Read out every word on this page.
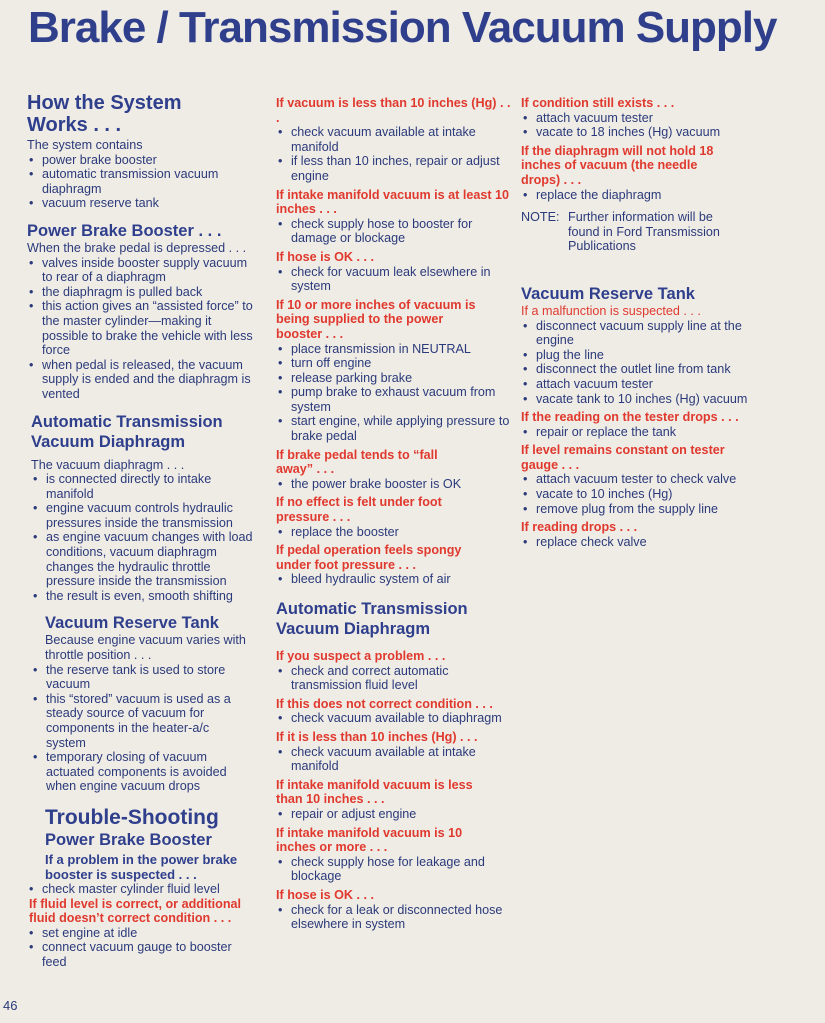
Brake / Transmission Vacuum Supply
How the System Works . . .
The system contains
• power brake booster
• automatic transmission vacuum diaphragm
• vacuum reserve tank
Power Brake Booster . . .
When the brake pedal is depressed . . .
• valves inside booster supply vacuum to rear of a diaphragm
• the diaphragm is pulled back
• this action gives an “assisted force” to the master cylinder—making it possible to brake the vehicle with less force
• when pedal is released, the vacuum supply is ended and the diaphragm is vented
Automatic Transmission Vacuum Diaphragm
The vacuum diaphragm . . .
• is connected directly to intake manifold
• engine vacuum controls hydraulic pressures inside the transmission
• as engine vacuum changes with load conditions, vacuum diaphragm changes the hydraulic throttle pressure inside the transmission
• the result is even, smooth shifting
Vacuum Reserve Tank
Because engine vacuum varies with throttle position . . .
• the reserve tank is used to store vacuum
• this “stored” vacuum is used as a steady source of vacuum for components in the heater-a/c system
• temporary closing of vacuum actuated components is avoided when engine vacuum drops
Trouble-Shooting
Power Brake Booster
If a problem in the power brake booster is suspected . . .
• check master cylinder fluid level
If fluid level is correct, or additional fluid doesn’t correct condition . . .
• set engine at idle
• connect vacuum gauge to booster feed
If vacuum is less than 10 inches (Hg) . . .
• check vacuum available at intake manifold
• if less than 10 inches, repair or adjust engine
If intake manifold vacuum is at least 10 inches . . .
• check supply hose to booster for damage or blockage
If hose is OK . . .
• check for vacuum leak elsewhere in system
If 10 or more inches of vacuum is being supplied to the power booster . . .
• place transmission in NEUTRAL
• turn off engine
• release parking brake
• pump brake to exhaust vacuum from system
• start engine, while applying pressure to brake pedal
If brake pedal tends to “fall away” . . .
• the power brake booster is OK
If no effect is felt under foot pressure . . .
• replace the booster
If pedal operation feels spongy under foot pressure . . .
• bleed hydraulic system of air
Automatic Transmission Vacuum Diaphragm
If you suspect a problem . . .
• check and correct automatic transmission fluid level
If this does not correct condition . . .
• check vacuum available to diaphragm
If it is less than 10 inches (Hg) . . .
• check vacuum available at intake manifold
If intake manifold vacuum is less than 10 inches . . .
• repair or adjust engine
If intake manifold vacuum is 10 inches or more . . .
• check supply hose for leakage and blockage
If hose is OK . . .
• check for a leak or disconnected hose elsewhere in system
If condition still exists . . .
• attach vacuum tester
• vacate to 18 inches (Hg) vacuum
If the diaphragm will not hold 18 inches of vacuum (the needle drops) . . .
• replace the diaphragm
NOTE: Further information will be found in Ford Transmission Publications
Vacuum Reserve Tank
If a malfunction is suspected . . .
• disconnect vacuum supply line at the engine
• plug the line
• disconnect the outlet line from tank
• attach vacuum tester
• vacate tank to 10 inches (Hg) vacuum
If the reading on the tester drops . . .
• repair or replace the tank
If level remains constant on tester gauge . . .
• attach vacuum tester to check valve
• vacate to 10 inches (Hg)
• remove plug from the supply line
If reading drops . . .
• replace check valve
46
